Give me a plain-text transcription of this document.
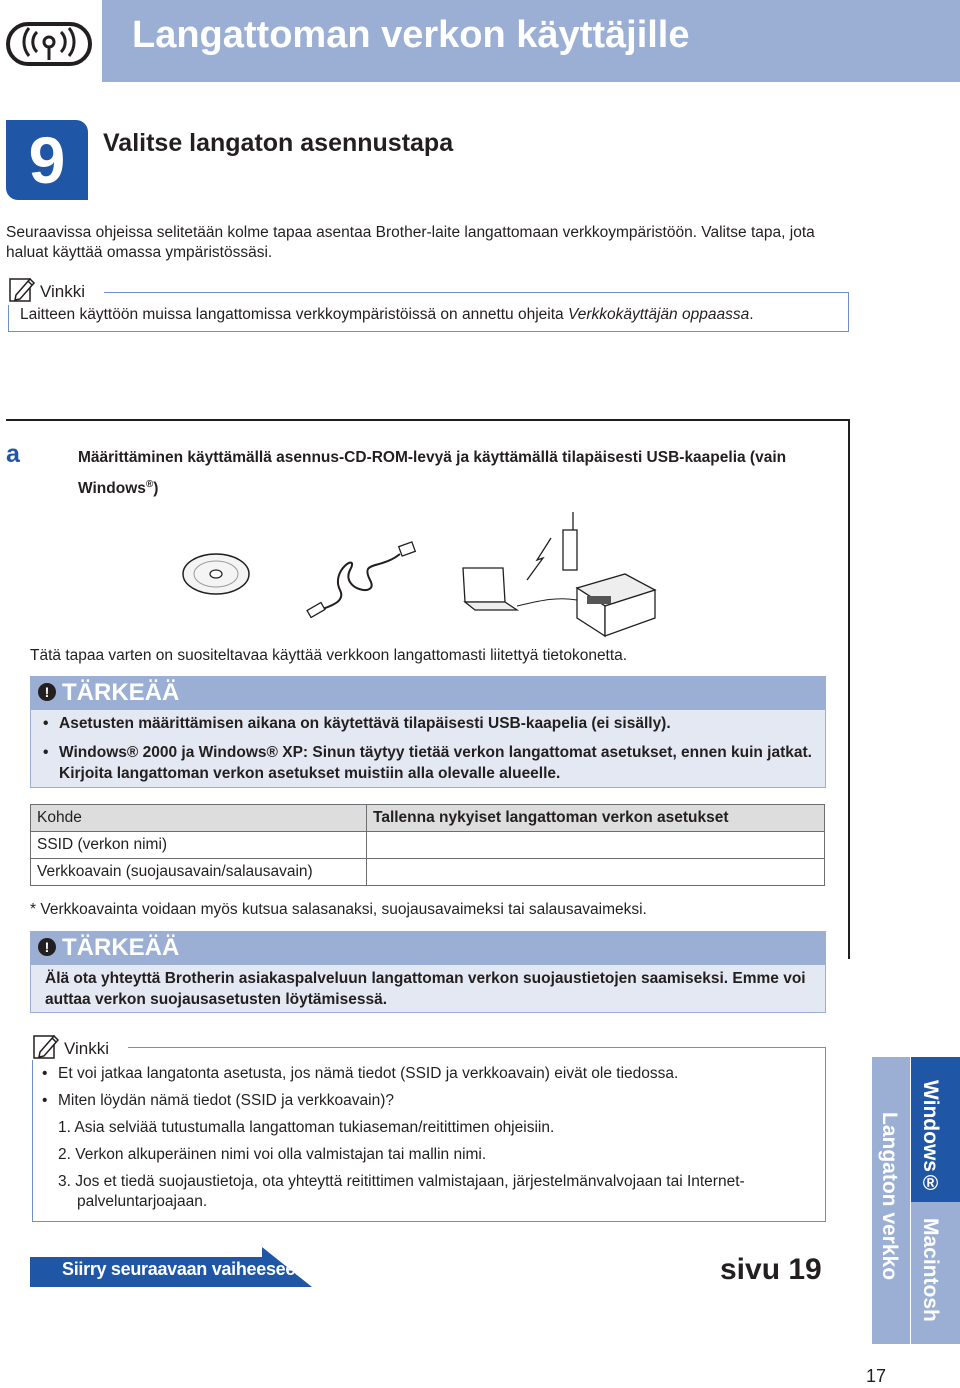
Langattoman verkon käyttäjille
9	Valitse langaton asennustapa
Seuraavissa ohjeissa selitetään kolme tapaa asentaa Brother-laite langattomaan verkkoympäristöön. Valitse tapa, jota haluat käyttää omassa ympäristössäsi.
Vinkki
Laitteen käyttöön muissa langattomissa verkkoympäristöissä on annettu ohjeita Verkkokäyttäjän oppaassa.
a	Määrittäminen käyttämällä asennus-CD-ROM-levyä ja käyttämällä tilapäisesti USB-kaapelia (vain Windows®)
Tätä tapaa varten on suositeltavaa käyttää verkkoon langattomasti liitettyä tietokonetta.
! TÄRKEÄÄ
• Asetusten määrittämisen aikana on käytettävä tilapäisesti USB-kaapelia (ei sisälly).
• Windows® 2000 ja Windows® XP: Sinun täytyy tietää verkon langattomat asetukset, ennen kuin jatkat. Kirjoita langattoman verkon asetukset muistiin alla olevalle alueelle.
Kohde	Tallenna nykyiset langattoman verkon asetukset
SSID (verkon nimi)	
Verkkoavain (suojausavain/salausavain)	
* Verkkoavainta voidaan myös kutsua salasanaksi, suojausavaimeksi tai salausavaimeksi.
! TÄRKEÄÄ
Älä ota yhteyttä Brotherin asiakaspalveluun langattoman verkon suojaustietojen saamiseksi. Emme voi auttaa verkon suojausasetusten löytämisessä.
Vinkki
• Et voi jatkaa langatonta asetusta, jos nämä tiedot (SSID ja verkkoavain) eivät ole tiedossa.
• Miten löydän nämä tiedot (SSID ja verkkoavain)?
1. Asia selviää tutustumalla langattoman tukiaseman/reitittimen ohjeisiin.
2. Verkon alkuperäinen nimi voi olla valmistajan tai mallin nimi.
3. Jos et tiedä suojaustietoja, ota yhteyttä reitittimen valmistajaan, järjestelmänvalvojaan tai Internet-palveluntarjoajaan.
Siirry seuraavaan vaiheeseen	sivu 19	Langaton verkko Windows®
Macintosh
17
